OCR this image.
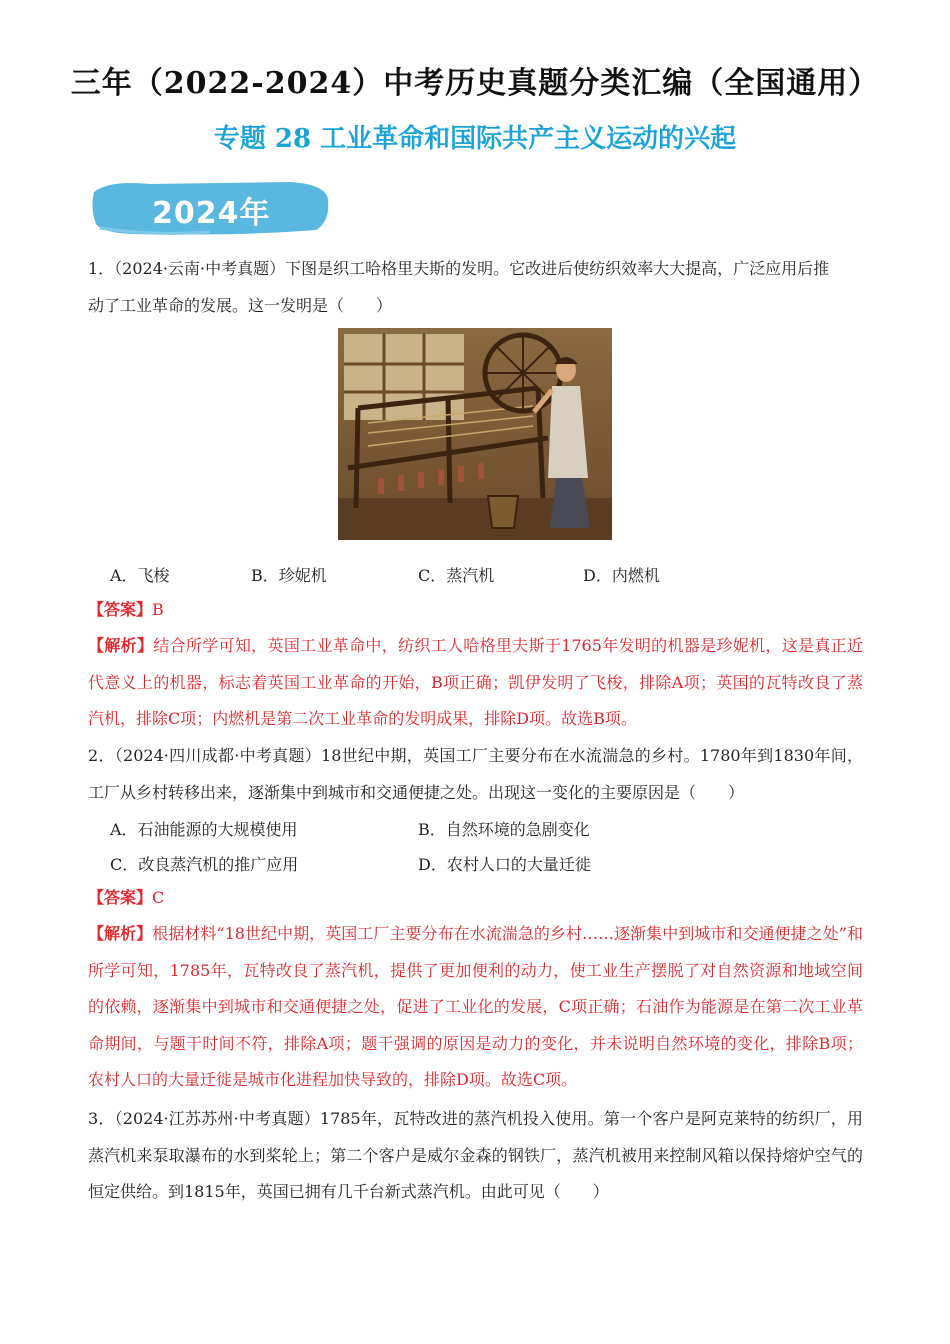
三年（2022-2024）中考历史真题分类汇编（全国通用）
专题 28 工业革命和国际共产主义运动的兴起
2024年
1．（2024·云南·中考真题）下图是织工哈格里夫斯的发明。它改进后使纺织效率大大提高，广泛应用后推
动了工业革命的发展。这一发明是（　　）
A．飞梭	B．珍妮机	C．蒸汽机	D．内燃机
【答案】B
【解析】结合所学可知，英国工业革命中，纺织工人哈格里夫斯于1765年发明的机器是珍妮机，这是真正近代意义上的机器，标志着英国工业革命的开始，B项正确；凯伊发明了飞梭，排除A项；英国的瓦特改良了蒸汽机，排除C项；内燃机是第二次工业革命的发明成果，排除D项。故选B项。
2．（2024·四川成都·中考真题）18世纪中期，英国工厂主要分布在水流湍急的乡村。1780年到1830年间，工厂从乡村转移出来，逐渐集中到城市和交通便捷之处。出现这一变化的主要原因是（　　）
A．石油能源的大规模使用	B．自然环境的急剧变化
C．改良蒸汽机的推广应用	D．农村人口的大量迁徙
【答案】C
【解析】根据材料“18世纪中期，英国工厂主要分布在水流湍急的乡村……逐渐集中到城市和交通便捷之处”和所学可知，1785年，瓦特改良了蒸汽机，提供了更加便利的动力，使工业生产摆脱了对自然资源和地域空间的依赖，逐渐集中到城市和交通便捷之处，促进了工业化的发展，C项正确；石油作为能源是在第二次工业革命期间，与题干时间不符，排除A项；题干强调的原因是动力的变化，并未说明自然环境的变化，排除B项；农村人口的大量迁徙是城市化进程加快导致的，排除D项。故选C项。
3．（2024·江苏苏州·中考真题）1785年，瓦特改进的蒸汽机投入使用。第一个客户是阿克莱特的纺织厂，用蒸汽机来泵取瀑布的水到桨轮上；第二个客户是威尔金森的钢铁厂，蒸汽机被用来控制风箱以保持熔炉空气的恒定供给。到1815年，英国已拥有几千台新式蒸汽机。由此可见（　　）
